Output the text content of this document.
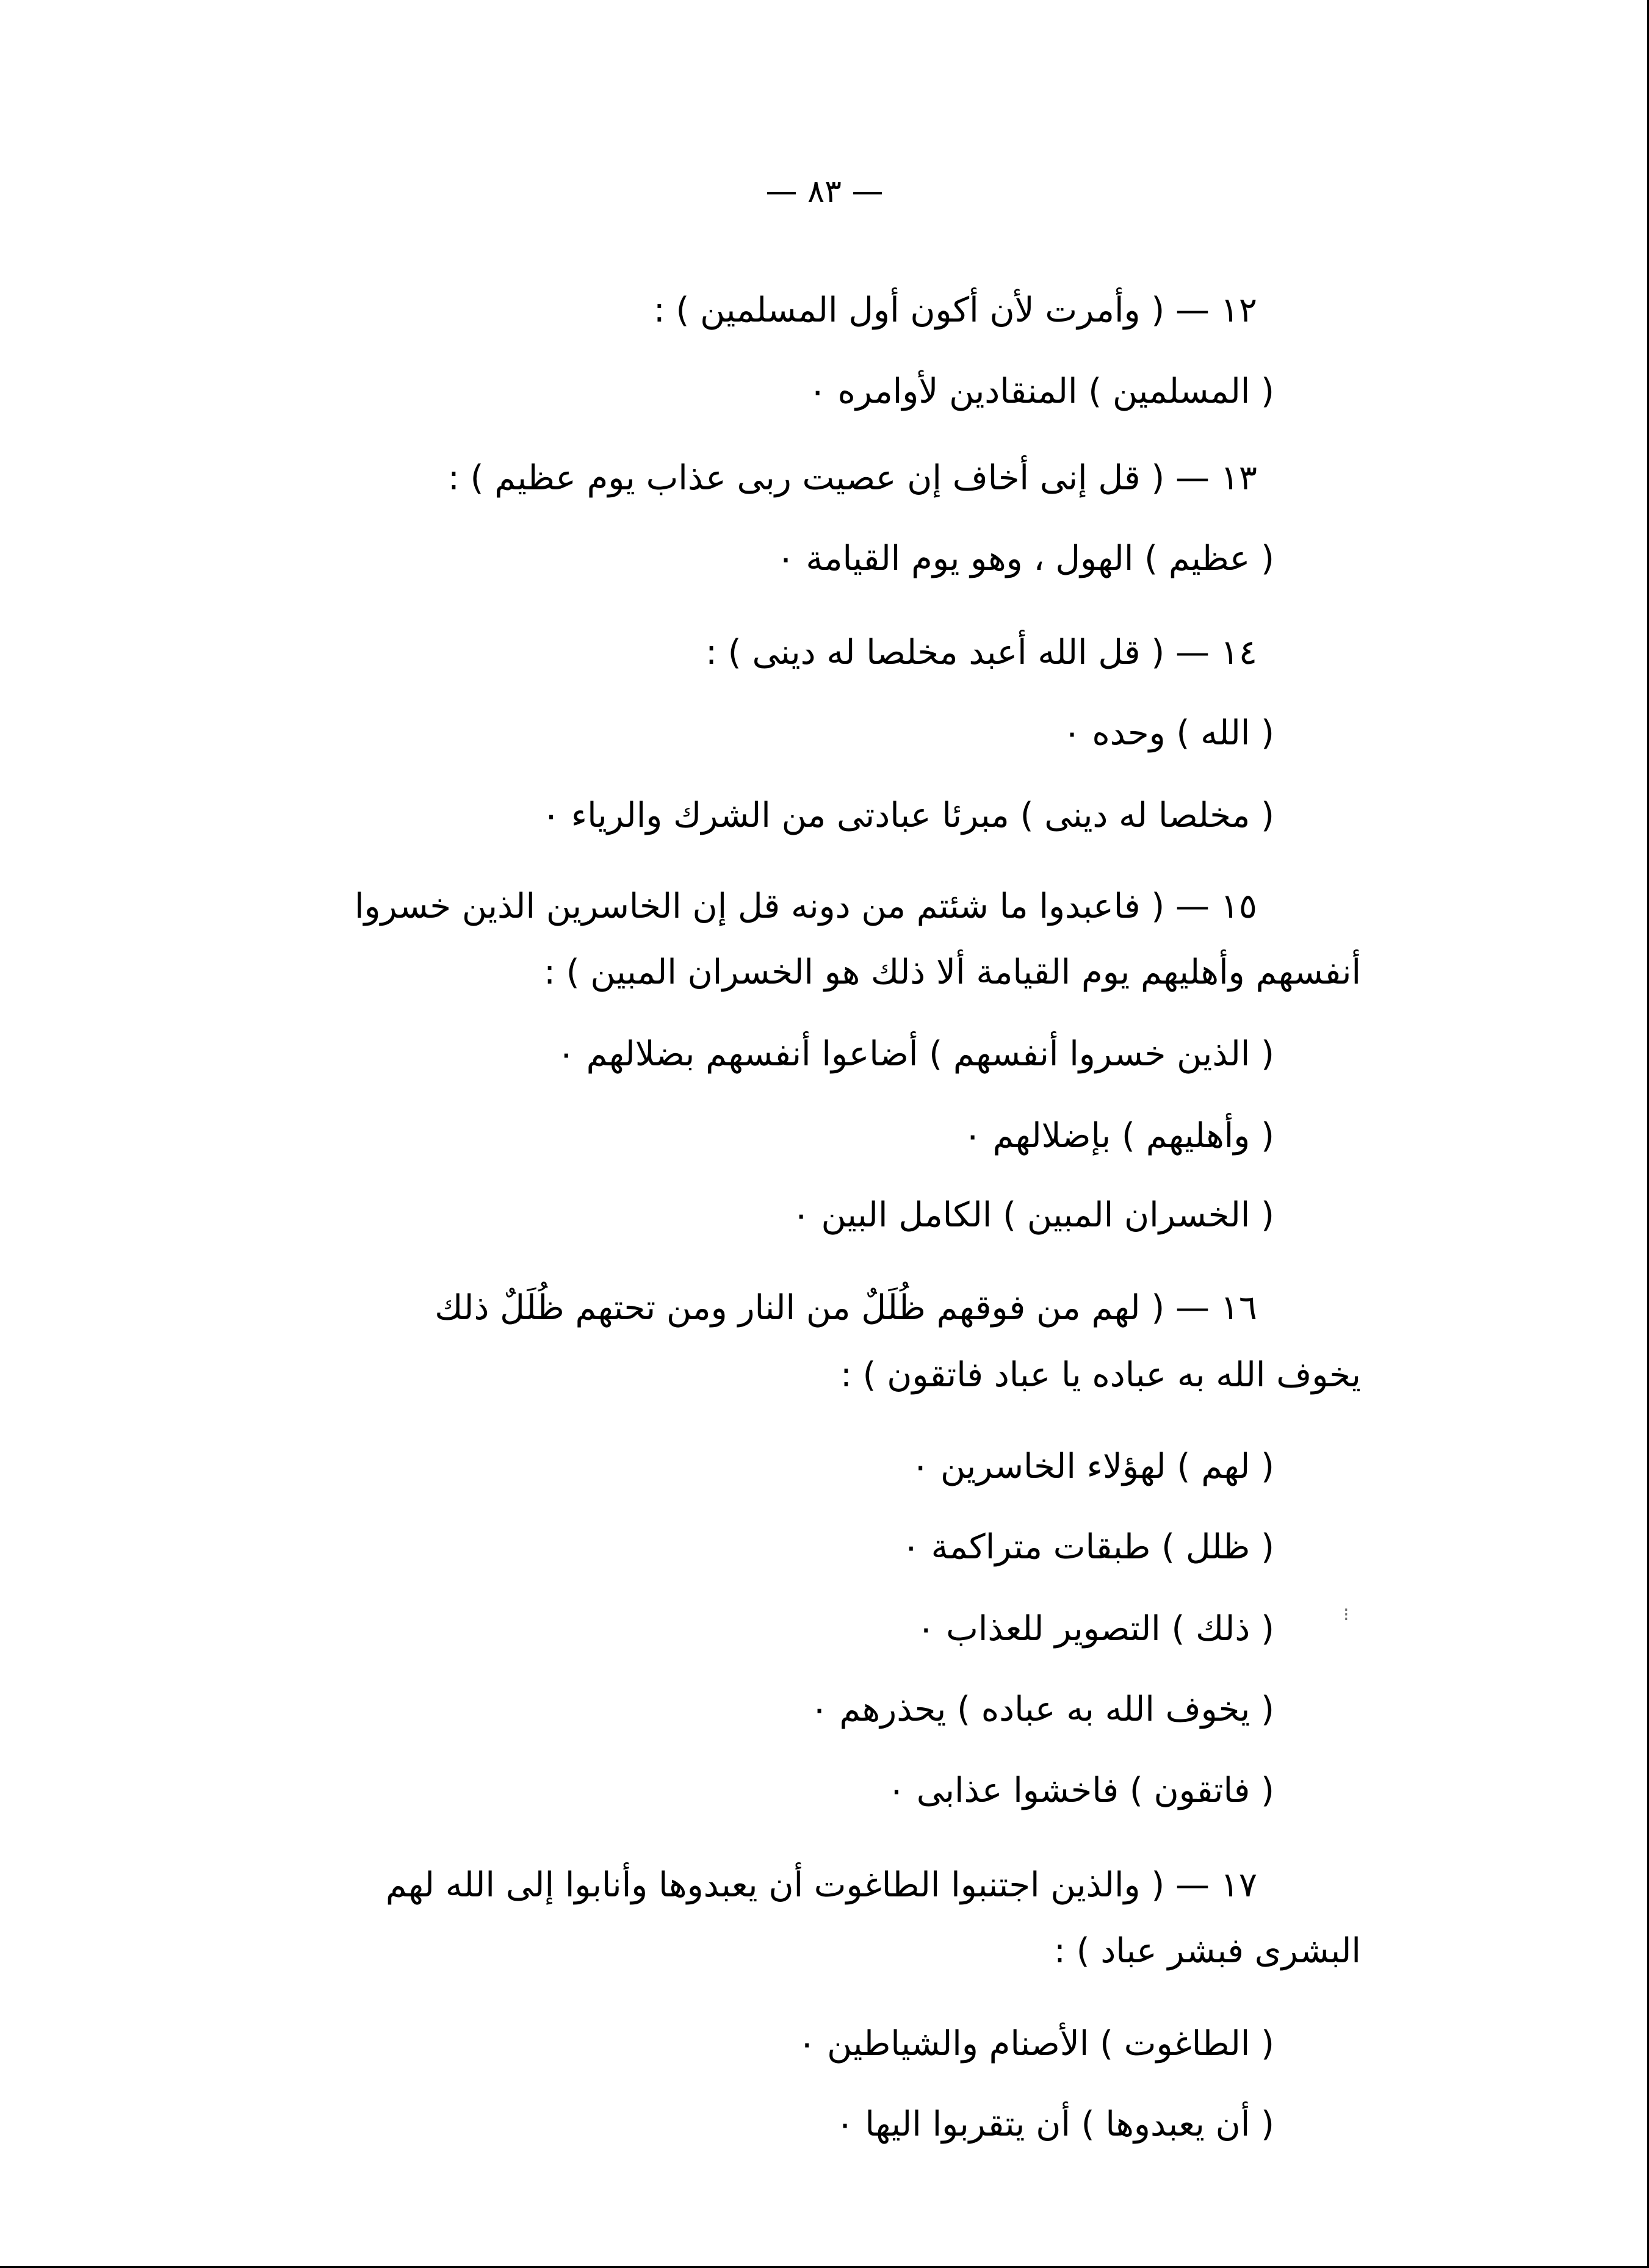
— ٨٣ —
١٢ — ( وأمرت لأن أكون أول المسلمين ) :
( المسلمين ) المنقادين لأوامره ٠
١٣ — ( قل إنى أخاف إن عصيت ربى عذاب يوم عظيم ) :
( عظيم ) الهول ، وهو يوم القيامة ٠
١٤ — ( قل الله أعبد مخلصا له دينى ) :
( الله ) وحده ٠
( مخلصا له دينى ) مبرئا عبادتى من الشرك والرياء ٠
١٥ — ( فاعبدوا ما شئتم من دونه قل إن الخاسرين الذين خسروا
أنفسهم وأهليهم يوم القيامة ألا ذلك هو الخسران المبين ) :
( الذين خسروا أنفسهم ) أضاعوا أنفسهم بضلالهم ٠
( وأهليهم ) بإضلالهم ٠
( الخسران المبين ) الكامل البين ٠
١٦ — ( لهم من فوقهم ظُلَلٌ من النار ومن تحتهم ظُلَلٌ ذلك
يخوف الله به عباده يا عباد فاتقون ) :
( لهم ) لهؤلاء الخاسرين ٠
( ظلل ) طبقات متراكمة ٠
( ذلك ) التصوير للعذاب ٠
( يخوف الله به عباده ) يحذرهم ٠
( فاتقون ) فاخشوا عذابى ٠
١٧ — ( والذين اجتنبوا الطاغوت أن يعبدوها وأنابوا إلى الله لهم
البشرى فبشر عباد ) :
( الطاغوت ) الأصنام والشياطين ٠
( أن يعبدوها ) أن يتقربوا اليها ٠
⁝
